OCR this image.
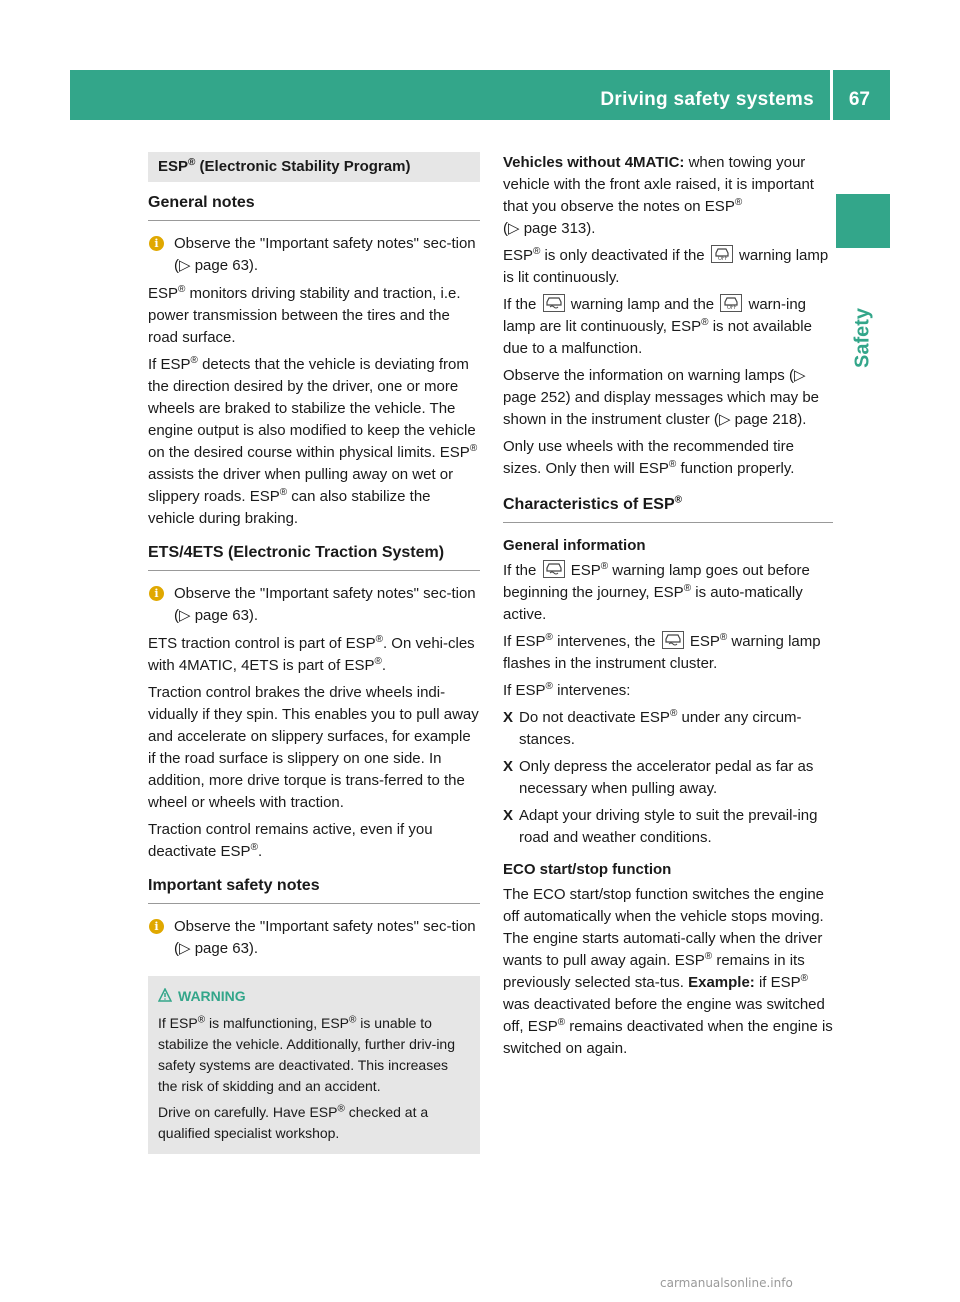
Driving safety systems 67
Safety
ESP® (Electronic Stability Program)
General notes
i	Observe the "Important safety notes" sec-tion (▷ page 63).

ESP® monitors driving stability and traction, i.e. power transmission between the tires and the road surface.

If ESP® detects that the vehicle is deviating from the direction desired by the driver, one or more wheels are braked to stabilize the vehicle. The engine output is also modified to keep the vehicle on the desired course within physical limits. ESP® assists the driver when pulling away on wet or slippery roads. ESP® can also stabilize the vehicle during braking.

ETS/4ETS (Electronic Traction System)
i	Observe the "Important safety notes" sec-tion (▷ page 63).

ETS traction control is part of ESP®. On vehi-cles with 4MATIC, 4ETS is part of ESP®.

Traction control brakes the drive wheels indi-vidually if they spin. This enables you to pull away and accelerate on slippery surfaces, for example if the road surface is slippery on one side. In addition, more drive torque is trans-ferred to the wheel or wheels with traction.

Traction control remains active, even if you deactivate ESP®.

Important safety notes
i	Observe the "Important safety notes" sec-tion (▷ page 63).
WARNING

If ESP® is malfunctioning, ESP® is unable to stabilize the vehicle. Additionally, further driv-ing safety systems are deactivated. This increases the risk of skidding and an accident.

Drive on carefully. Have ESP® checked at a qualified specialist workshop.

Vehicles without 4MATIC: when towing your vehicle with the front axle raised, it is important that you observe the notes on ESP®
(▷ page 313).

ESP® is only deactivated if the	OFF warning lamp is lit continuously.

If the warning lamp and the	OFF warn-ing lamp are lit continuously, ESP® is not available due to a malfunction.

Observe the information on warning lamps (▷ page 252) and display messages which may be shown in the instrument cluster (▷ page 218).

Only use wheels with the recommended tire sizes. Only then will ESP® function properly.

Characteristics of ESP®
General information

If the ESP® warning lamp goes out before beginning the journey, ESP® is auto-matically active.

If ESP® intervenes, the ESP® warning lamp flashes in the instrument cluster.

If ESP® intervenes:

X Do not deactivate ESP® under any circum-stances.
X Only depress the accelerator pedal as far as necessary when pulling away.
X Adapt your driving style to suit the prevail-ing road and weather conditions.
ECO start/stop function

The ECO start/stop function switches the engine off automatically when the vehicle stops moving. The engine starts automati-cally when the driver wants to pull away again. ESP® remains in its previously selected sta-tus. Example: if ESP® was deactivated before the engine was switched off, ESP® remains deactivated when the engine is switched on again.

carmanualsonline.info
